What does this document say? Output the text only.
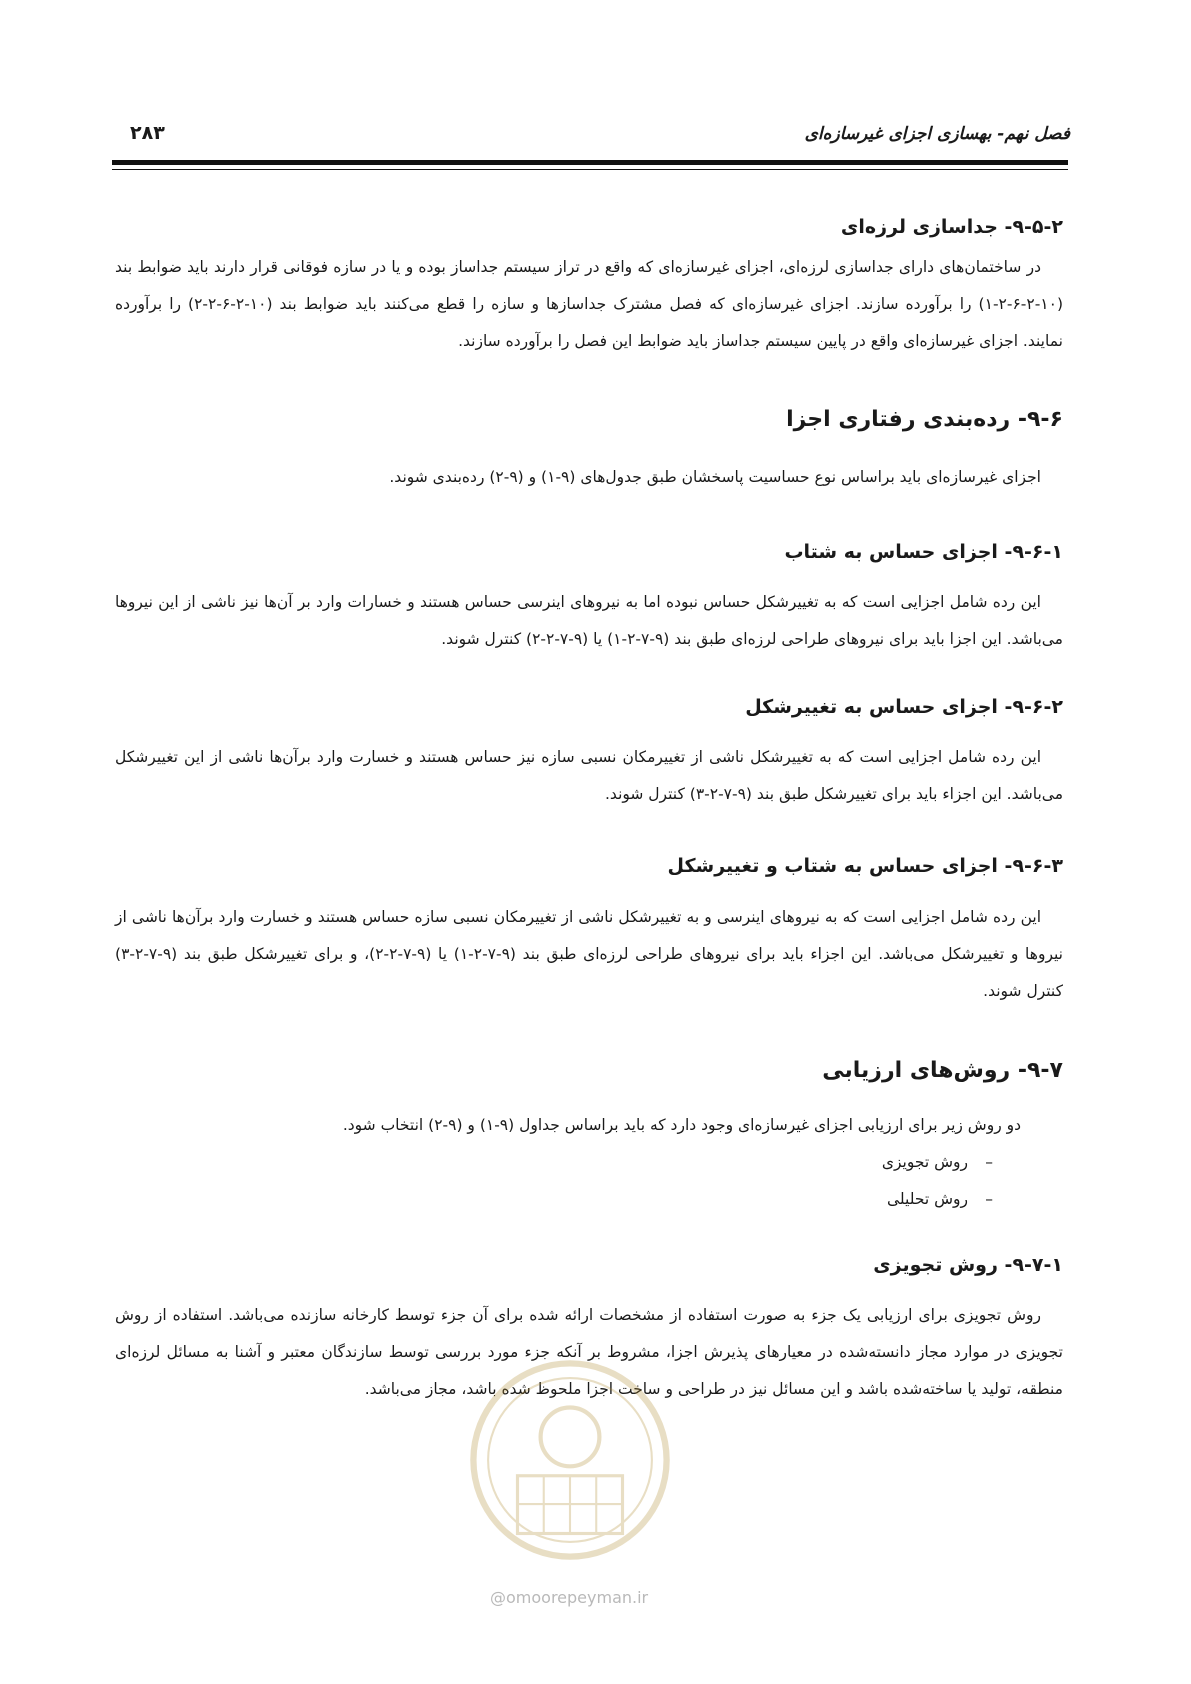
فصل نهم- بهسازی اجزای غیرسازه‌ای
۲۸۳
۹-۵-۲- جداسازی لرزه‌ای

در ساختمان‌های دارای جداسازی لرزه‌ای، اجزای غیرسازه‌ای که واقع در تراز سیستم جداساز بوده و یا در سازه فوقانی قرار دارند باید ضوابط بند (۱۰-۲-۶-۲-۱) را برآورده سازند. اجزای غیرسازه‌ای که فصل مشترک جداسازها و سازه را قطع می‌کنند باید ضوابط بند (۱۰-۲-۶-۲-۲) را برآورده نمایند. اجزای غیرسازه‌ای واقع در پایین سیستم جداساز باید ضوابط این فصل را برآورده سازند.

۹-۶- رده‌بندی رفتاری اجزا

اجزای غیرسازه‌ای باید براساس نوع حساسیت پاسخشان طبق جدول‌های (۹-۱) و (۹-۲) رده‌بندی شوند.

۹-۶-۱- اجزای حساس به شتاب

این رده شامل اجزایی است که به تغییرشکل حساس نبوده اما به نیروهای اینرسی حساس هستند و خسارات وارد بر آن‌ها نیز ناشی از این نیروها می‌باشد. این اجزا باید برای نیروهای طراحی لرزه‌ای طبق بند (۹-۷-۲-۱) یا (۹-۷-۲-۲) کنترل شوند.

۹-۶-۲- اجزای حساس به تغییرشکل

این رده شامل اجزایی است که به تغییرشکل ناشی از تغییرمکان نسبی سازه نیز حساس هستند و خسارت وارد برآن‌ها ناشی از این تغییرشکل می‌باشد. این اجزاء باید برای تغییرشکل طبق بند (۹-۷-۲-۳) کنترل شوند.

۹-۶-۳- اجزای حساس به شتاب و تغییرشکل

این رده شامل اجزایی است که به نیروهای اینرسی و به تغییرشکل ناشی از تغییرمکان نسبی سازه حساس هستند و خسارت وارد برآن‌ها ناشی از نیروها و تغییرشکل می‌باشد. این اجزاء باید برای نیروهای طراحی لرزه‌ای طبق بند (۹-۷-۲-۱) یا (۹-۷-۲-۲)، و برای تغییرشکل طبق بند (۹-۷-۲-۳) کنترل شوند.

۹-۷- روش‌های ارزیابی

دو روش زیر برای ارزیابی اجزای غیرسازه‌ای وجود دارد که باید براساس جداول (۹-۱) و (۹-۲) انتخاب شود.

–
روش تجویزی
–
روش تحلیلی
۹-۷-۱- روش تجویزی

روش تجویزی برای ارزیابی یک جزء به صورت استفاده از مشخصات ارائه شده برای آن جزء توسط کارخانه سازنده می‌باشد. استفاده از روش تجویزی در موارد مجاز دانسته‌شده در معیارهای پذیرش اجزا، مشروط بر آنکه جزء مورد بررسی توسط سازندگان معتبر و آشنا به مسائل لرزه‌ای منطقه، تولید یا ساخته‌شده باشد و این مسائل نیز در طراحی و ساخت اجزا ملحوظ شده باشد، مجاز می‌باشد.

@omoorepeyman.ir
